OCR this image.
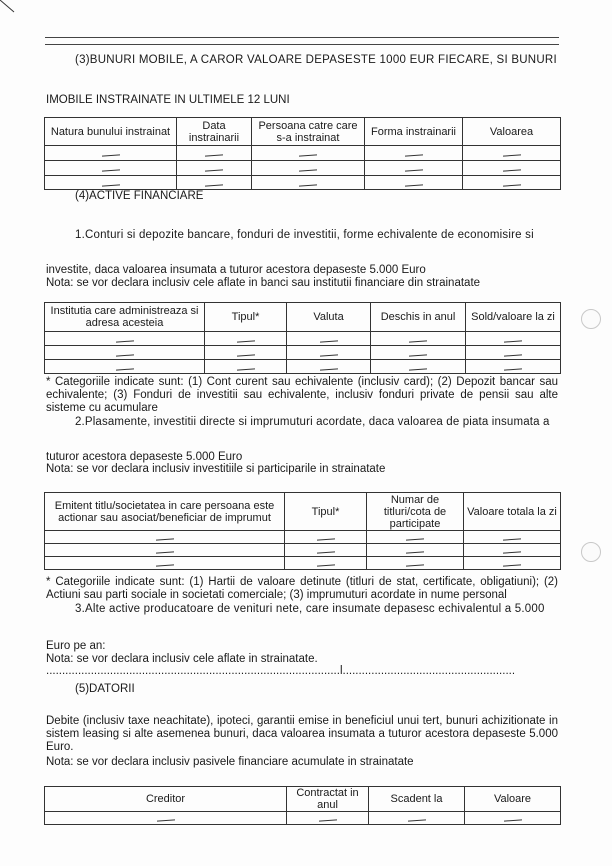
(3)BUNURI MOBILE, A CAROR VALOARE DEPASESTE 1000 EUR FIECARE, SI BUNURI
IMOBILE INSTRAINATE IN ULTIMELE 12 LUNI
Natura bunului instrainat	Data instrainarii	Persoana catre care s-a instrainat	Forma instrainarii	Valoarea

(4)ACTIVE FINANCIARE
1.Conturi si depozite bancare, fonduri de investitii, forme echivalente de economisire si
investite, daca valoarea insumata a tuturor acestora depaseste 5.000 Euro
Nota: se vor declara inclusiv cele aflate in banci sau institutii financiare din strainatate
Institutia care administreaza si adresa acesteia	Tipul*	Valuta	Deschis in anul	Sold/valoare la zi

* Categoriile indicate sunt: (1) Cont curent sau echivalente (inclusiv card); (2) Depozit bancar sau echivalente; (3) Fonduri de investitii sau echivalente, inclusiv fonduri private de pensii sau alte sisteme cu acumulare
2.Plasamente, investitii directe si imprumuturi acordate, daca valoarea de piata insumata a
tuturor acestora depaseste 5.000 Euro
Nota: se vor declara inclusiv investitiile si participarile in strainatate
Emitent titlu/societatea in care persoana este actionar sau asociat/beneficiar de imprumut	Tipul*	Numar de titluri/cota de participate	Valoare totala la zi

* Categoriile indicate sunt: (1) Hartii de valoare detinute (titluri de stat, certificate, obligatiuni); (2) Actiuni sau parti sociale in societati comerciale; (3) imprumuturi acordate in nume personal
3.Alte active producatoare de venituri nete, care insumate depasesc echivalentul a 5.000
Euro pe an:
Nota: se vor declara inclusiv cele aflate in strainatate.
............................................................................................l......................................................
(5)DATORII
Debite (inclusiv taxe neachitate), ipoteci, garantii emise in beneficiul unui tert, bunuri achizitionate in sistem leasing si alte asemenea bunuri, daca valoarea insumata a tuturor acestora depaseste 5.000 Euro.
Nota: se vor declara inclusiv pasivele financiare acumulate in strainatate
Creditor	Contractat in anul	Scadent la	Valoare
